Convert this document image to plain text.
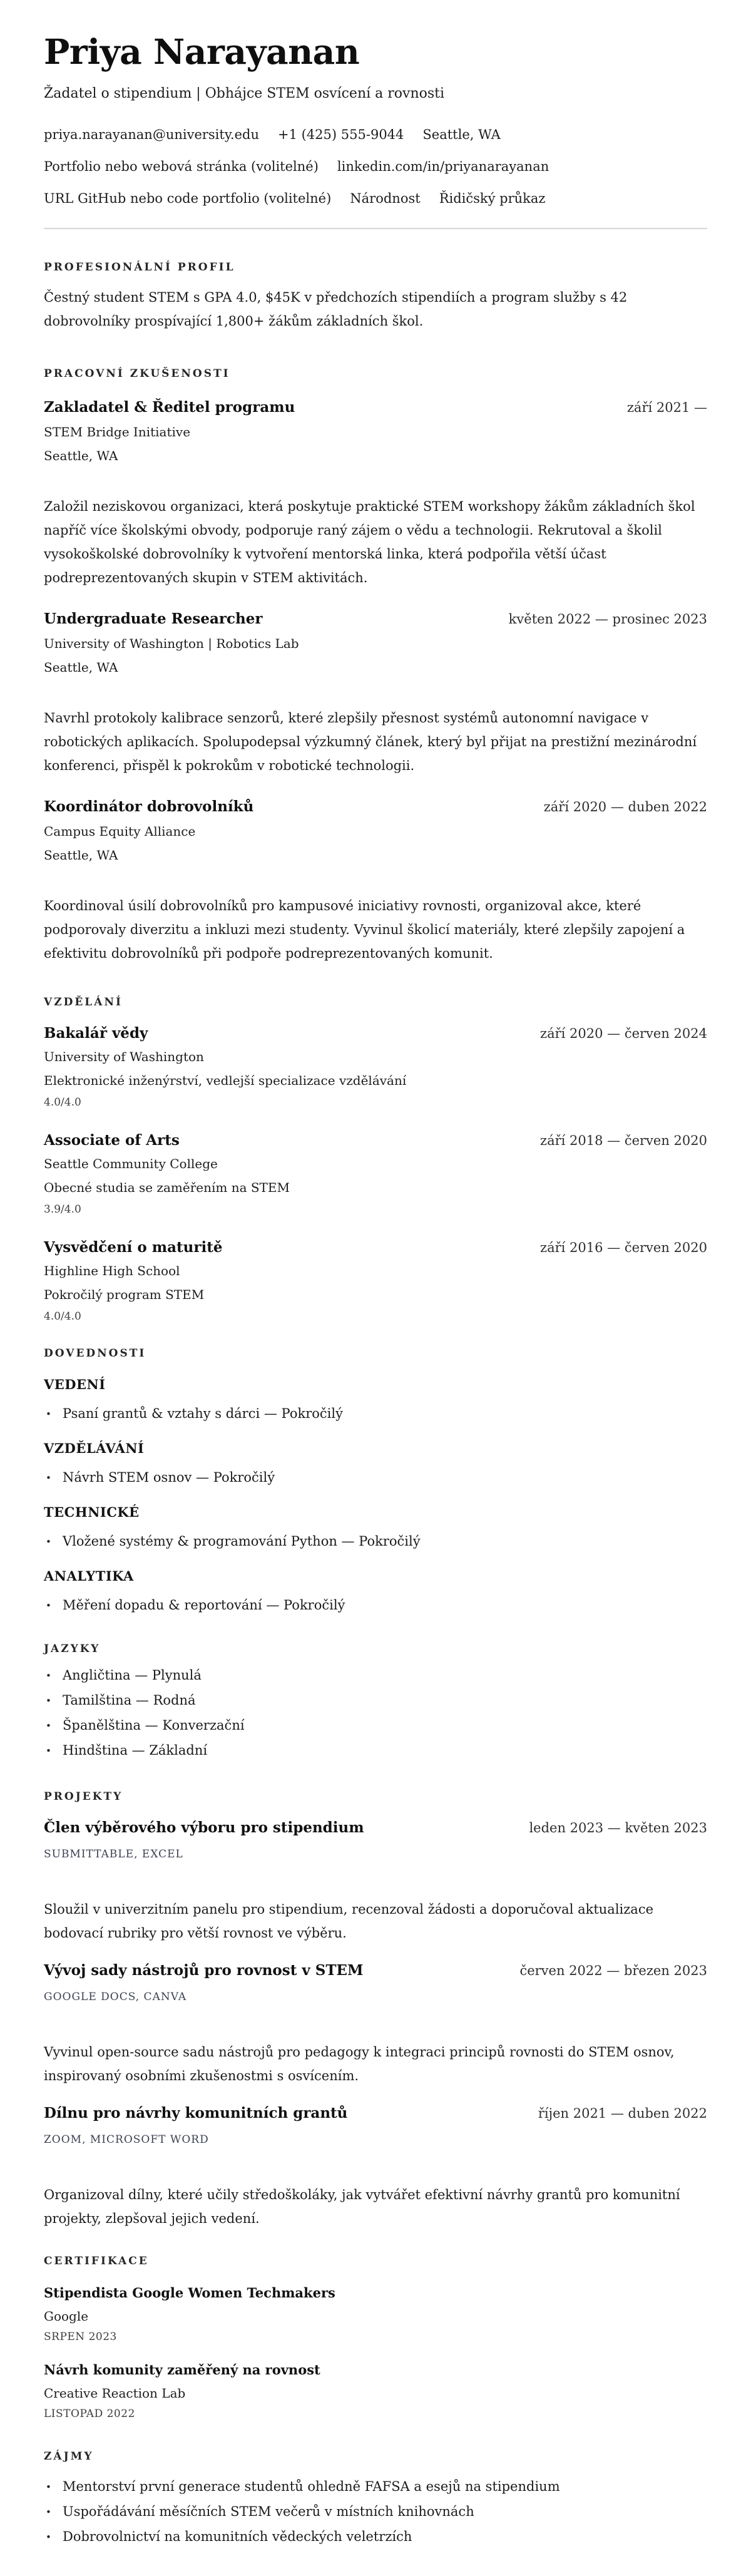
Priya Narayanan
Žadatel o stipendium | Obhájce STEM osvícení a rovnosti
priya.narayanan@university.edu +1 (425) 555-9044 Seattle, WA
Portfolio nebo webová stránka (volitelné) linkedin.com/in/priyanarayanan
URL GitHub nebo code portfolio (volitelné) Národnost Řidičský průkaz
PROFESIONÁLNÍ PROFIL

Čestný student STEM s GPA 4.0, $45K v předchozích stipendiích a program služby s 42 dobrovolníky prospívající 1,800+ žákům základních škol.

PRACOVNÍ ZKUŠENOSTI
Zakladatel & Ředitel programu	září 2021 —
STEM Bridge Initiative
Seattle, WA

Založil neziskovou organizaci, která poskytuje praktické STEM workshopy žákům základních škol napříč více školskými obvody, podporuje raný zájem o vědu a technologii. Rekrutoval a školil vysokoškolské dobrovolníky k vytvoření mentorská linka, která podpořila větší účast podreprezentovaných skupin v STEM aktivitách.

Undergraduate Researcher	květen 2022 — prosinec 2023
University of Washington | Robotics Lab
Seattle, WA

Navrhl protokoly kalibrace senzorů, které zlepšily přesnost systémů autonomní navigace v robotických aplikacích. Spolupodepsal výzkumný článek, který byl přijat na prestižní mezinárodní konferenci, přispěl k pokrokům v robotické technologii.

Koordinátor dobrovolníků	září 2020 — duben 2022
Campus Equity Alliance
Seattle, WA

Koordinoval úsilí dobrovolníků pro kampusové iniciativy rovnosti, organizoval akce, které podporovaly diverzitu a inkluzi mezi studenty. Vyvinul školicí materiály, které zlepšily zapojení a efektivitu dobrovolníků při podpoře podreprezentovaných komunit.

VZDĚLÁNÍ
Bakalář vědy	září 2020 — červen 2024
University of Washington
Elektronické inženýrství, vedlejší specializace vzdělávání
4.0/4.0
Associate of Arts	září 2018 — červen 2020
Seattle Community College
Obecné studia se zaměřením na STEM
3.9/4.0
Vysvědčení o maturitě	září 2016 — červen 2020
Highline High School
Pokročilý program STEM
4.0/4.0
DOVEDNOSTI
VEDENÍ
•
Psaní grantů & vztahy s dárci — Pokročilý
VZDĚLÁVÁNÍ
•
Návrh STEM osnov — Pokročilý
TECHNICKÉ
•
Vložené systémy & programování Python — Pokročilý
ANALYTIKA
•
Měření dopadu & reportování — Pokročilý
JAZYKY
•
Angličtina — Plynulá
•
Tamilština — Rodná
•
Španělština — Konverzační
•
Hindština — Základní
PROJEKTY
Člen výběrového výboru pro stipendium	leden 2023 — květen 2023
SUBMITTABLE, EXCEL

Sloužil v univerzitním panelu pro stipendium, recenzoval žádosti a doporučoval aktualizace bodovací rubriky pro větší rovnost ve výběru.

Vývoj sady nástrojů pro rovnost v STEM	červen 2022 — březen 2023
GOOGLE DOCS, CANVA

Vyvinul open-source sadu nástrojů pro pedagogy k integraci principů rovnosti do STEM osnov, inspirovaný osobními zkušenostmi s osvícením.

Dílnu pro návrhy komunitních grantů	říjen 2021 — duben 2022
ZOOM, MICROSOFT WORD

Organizoval dílny, které učily středoškoláky, jak vytvářet efektivní návrhy grantů pro komunitní projekty, zlepšoval jejich vedení.

CERTIFIKACE
Stipendista Google Women Techmakers
Google
SRPEN 2023
Návrh komunity zaměřený na rovnost
Creative Reaction Lab
LISTOPAD 2022
ZÁJMY
•
Mentorství první generace studentů ohledně FAFSA a esejů na stipendium
•
Uspořádávání měsíčních STEM večerů v místních knihovnách
•
Dobrovolnictví na komunitních vědeckých veletrzích
